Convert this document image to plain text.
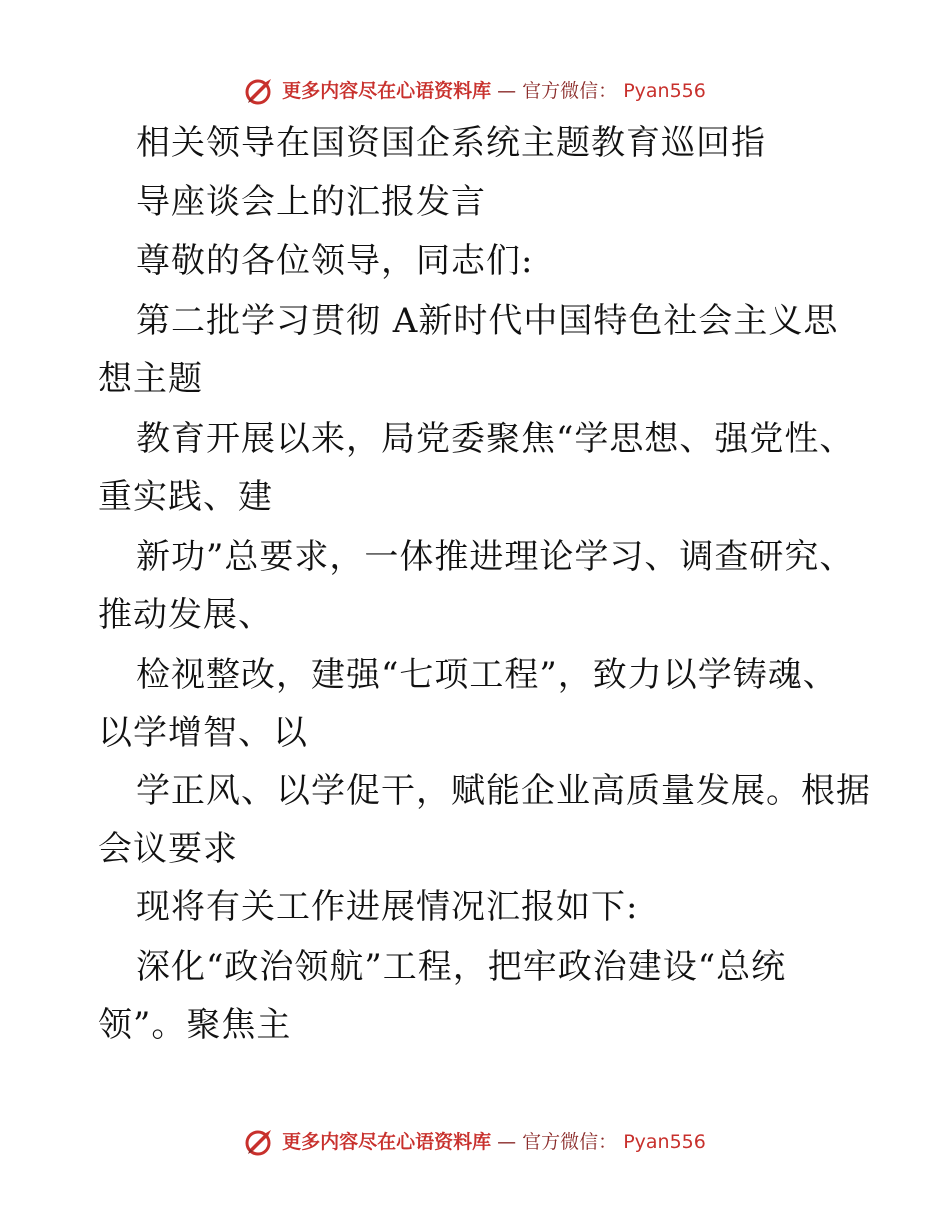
更多内容尽在心语资料库 — 官方微信： Pyan556
相关领导在国资国企系统主题教育巡回指
导座谈会上的汇报发言
尊敬的各位领导，同志们:
第二批学习贯彻 A新时代中国特色社会主义思
想主题
教育开展以来，局党委聚焦“学思想、强党性、
重实践、建
新功”总要求，一体推进理论学习、调查研究、
推动发展、
检视整改，建强“七项工程”，致力以学铸魂、
以学增智、以
学正风、以学促干，赋能企业高质量发展。根据
会议要求
现将有关工作进展情况汇报如下:
深化“政治领航”工程，把牢政治建设“总统
领”。聚焦主
更多内容尽在心语资料库 — 官方微信： Pyan556
